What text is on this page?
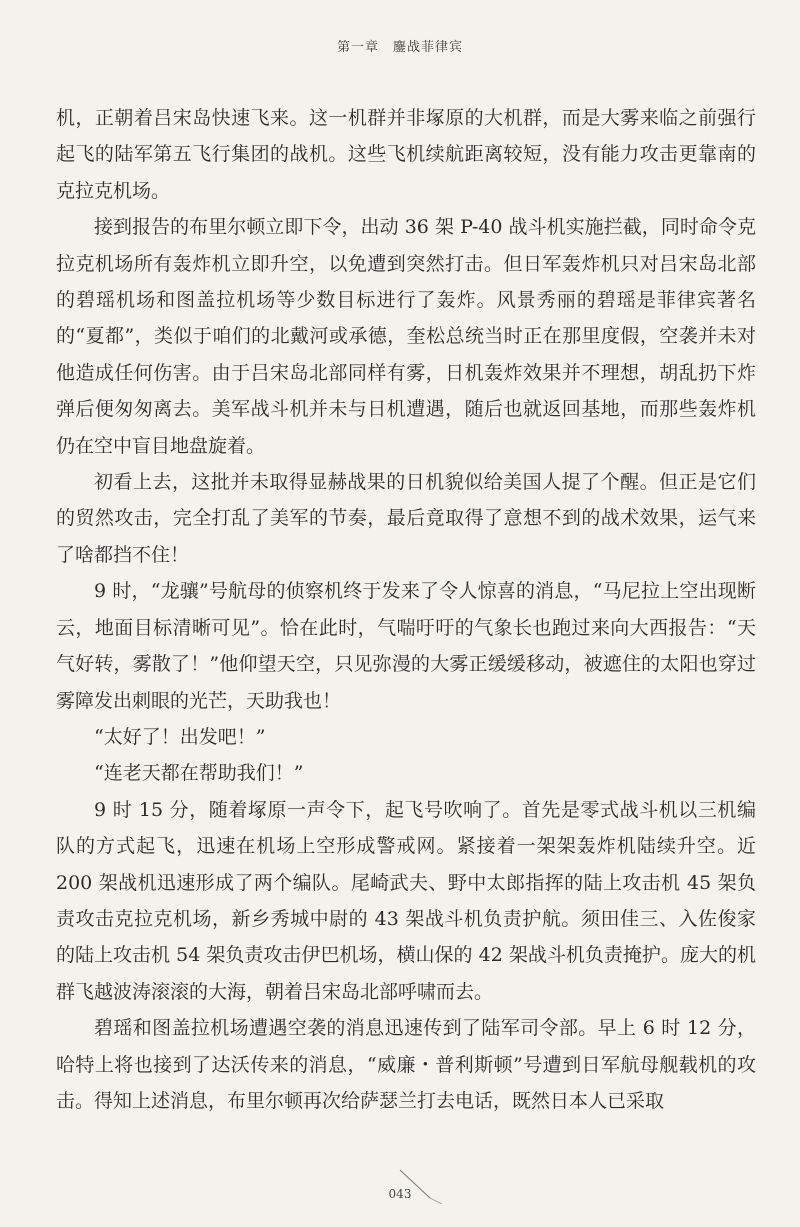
第一章　鏖战菲律宾

机，正朝着吕宋岛快速飞来。这一机群并非塚原的大机群，而是大雾来临之前强行起飞的陆军第五飞行集团的战机。这些飞机续航距离较短，没有能力攻击更靠南的克拉克机场。

接到报告的布里尔顿立即下令，出动 36 架 P-40 战斗机实施拦截，同时命令克拉克机场所有轰炸机立即升空，以免遭到突然打击。但日军轰炸机只对吕宋岛北部的碧瑶机场和图盖拉机场等少数目标进行了轰炸。风景秀丽的碧瑶是菲律宾著名的“夏都”，类似于咱们的北戴河或承德，奎松总统当时正在那里度假，空袭并未对他造成任何伤害。由于吕宋岛北部同样有雾，日机轰炸效果并不理想，胡乱扔下炸弹后便匆匆离去。美军战斗机并未与日机遭遇，随后也就返回基地，而那些轰炸机仍在空中盲目地盘旋着。

初看上去，这批并未取得显赫战果的日机貌似给美国人提了个醒。但正是它们的贸然攻击，完全打乱了美军的节奏，最后竟取得了意想不到的战术效果，运气来了啥都挡不住！

9 时，“龙骧”号航母的侦察机终于发来了令人惊喜的消息，“马尼拉上空出现断云，地面目标清晰可见”。恰在此时，气喘吁吁的气象长也跑过来向大西报告：“天气好转，雾散了！”他仰望天空，只见弥漫的大雾正缓缓移动，被遮住的太阳也穿过雾障发出刺眼的光芒，天助我也！

“太好了！出发吧！”

“连老天都在帮助我们！”

9 时 15 分，随着塚原一声令下，起飞号吹响了。首先是零式战斗机以三机编队的方式起飞，迅速在机场上空形成警戒网。紧接着一架架轰炸机陆续升空。近 200 架战机迅速形成了两个编队。尾崎武夫、野中太郎指挥的陆上攻击机 45 架负责攻击克拉克机场，新乡秀城中尉的 43 架战斗机负责护航。须田佳三、入佐俊家的陆上攻击机 54 架负责攻击伊巴机场，横山保的 42 架战斗机负责掩护。庞大的机群飞越波涛滚滚的大海，朝着吕宋岛北部呼啸而去。

碧瑶和图盖拉机场遭遇空袭的消息迅速传到了陆军司令部。早上 6 时 12 分，哈特上将也接到了达沃传来的消息，“威廉・普利斯顿”号遭到日军航母舰载机的攻击。得知上述消息，布里尔顿再次给萨瑟兰打去电话，既然日本人已采取

043
